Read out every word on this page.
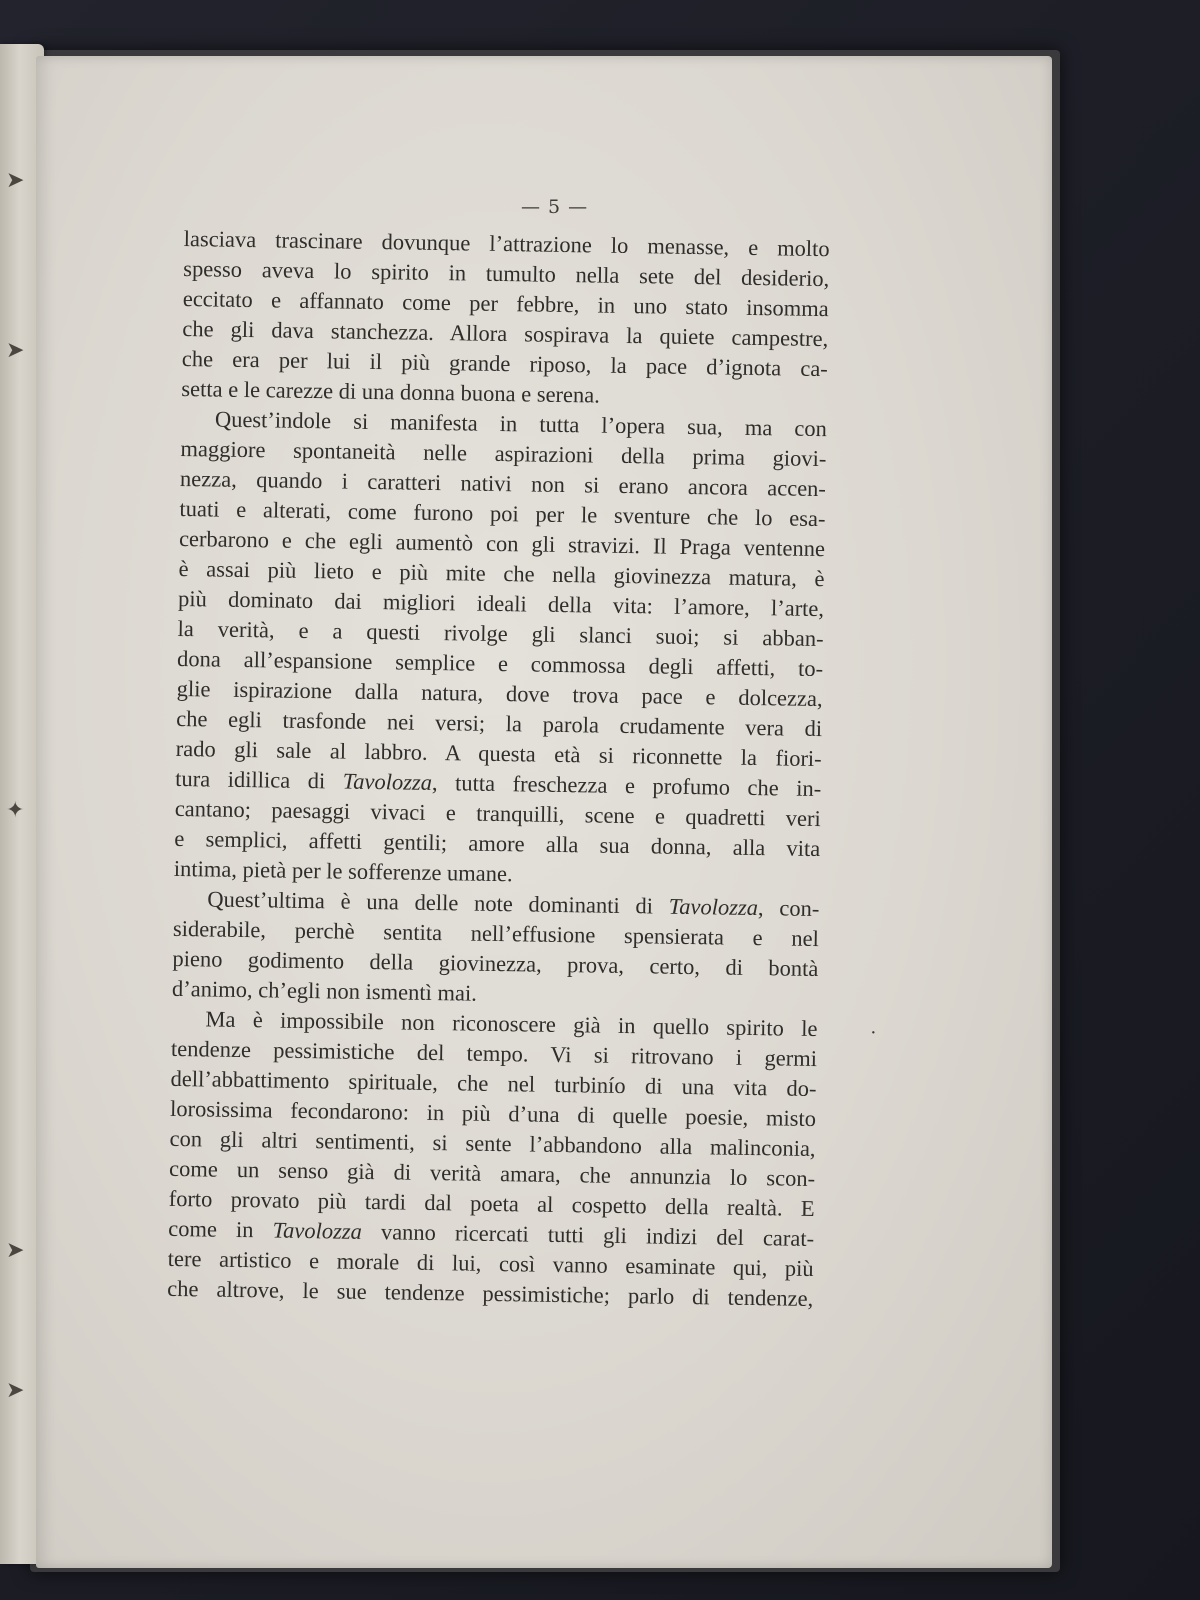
➤
➤
✦
➤
➤
— 5 —
lasciava trascinare dovunque l’attrazione lo menasse, e molto
spesso aveva lo spirito in tumulto nella sete del desiderio,
eccitato e affannato come per febbre, in uno stato insomma
che gli dava stanchezza. Allora sospirava la quiete campestre,
che era per lui il più grande riposo, la pace d’ignota ca-
setta e le carezze di una donna buona e serena.
Quest’indole si manifesta in tutta l’opera sua, ma con
maggiore spontaneità nelle aspirazioni della prima giovi-
nezza, quando i caratteri nativi non si erano ancora accen-
tuati e alterati, come furono poi per le sventure che lo esa-
cerbarono e che egli aumentò con gli stravizi. Il Praga ventenne
è assai più lieto e più mite che nella giovinezza matura, è
più dominato dai migliori ideali della vita: l’amore, l’arte,
la verità, e a questi rivolge gli slanci suoi; si abban-
dona all’espansione semplice e commossa degli affetti, to-
glie ispirazione dalla natura, dove trova pace e dolcezza,
che egli trasfonde nei versi; la parola crudamente vera di
rado gli sale al labbro. A questa età si riconnette la fiori-
tura idillica di Tavolozza, tutta freschezza e profumo che in-
cantano; paesaggi vivaci e tranquilli, scene e quadretti veri
e semplici, affetti gentili; amore alla sua donna, alla vita
intima, pietà per le sofferenze umane.
Quest’ultima è una delle note dominanti di Tavolozza, con-
siderabile, perchè sentita nell’effusione spensierata e nel
pieno godimento della giovinezza, prova, certo, di bontà
d’animo, ch’egli non ismentì mai.
Ma è impossibile non riconoscere già in quello spirito le
tendenze pessimistiche del tempo. Vi si ritrovano i germi
dell’abbattimento spirituale, che nel turbinío di una vita do-
lorosissima fecondarono: in più d’una di quelle poesie, misto
con gli altri sentimenti, si sente l’abbandono alla malinconia,
come un senso già di verità amara, che annunzia lo scon-
forto provato più tardi dal poeta al cospetto della realtà. E
come in Tavolozza vanno ricercati tutti gli indizi del carat-
tere artistico e morale di lui, così vanno esaminate qui, più
che altrove, le sue tendenze pessimistiche; parlo di tendenze,
·
